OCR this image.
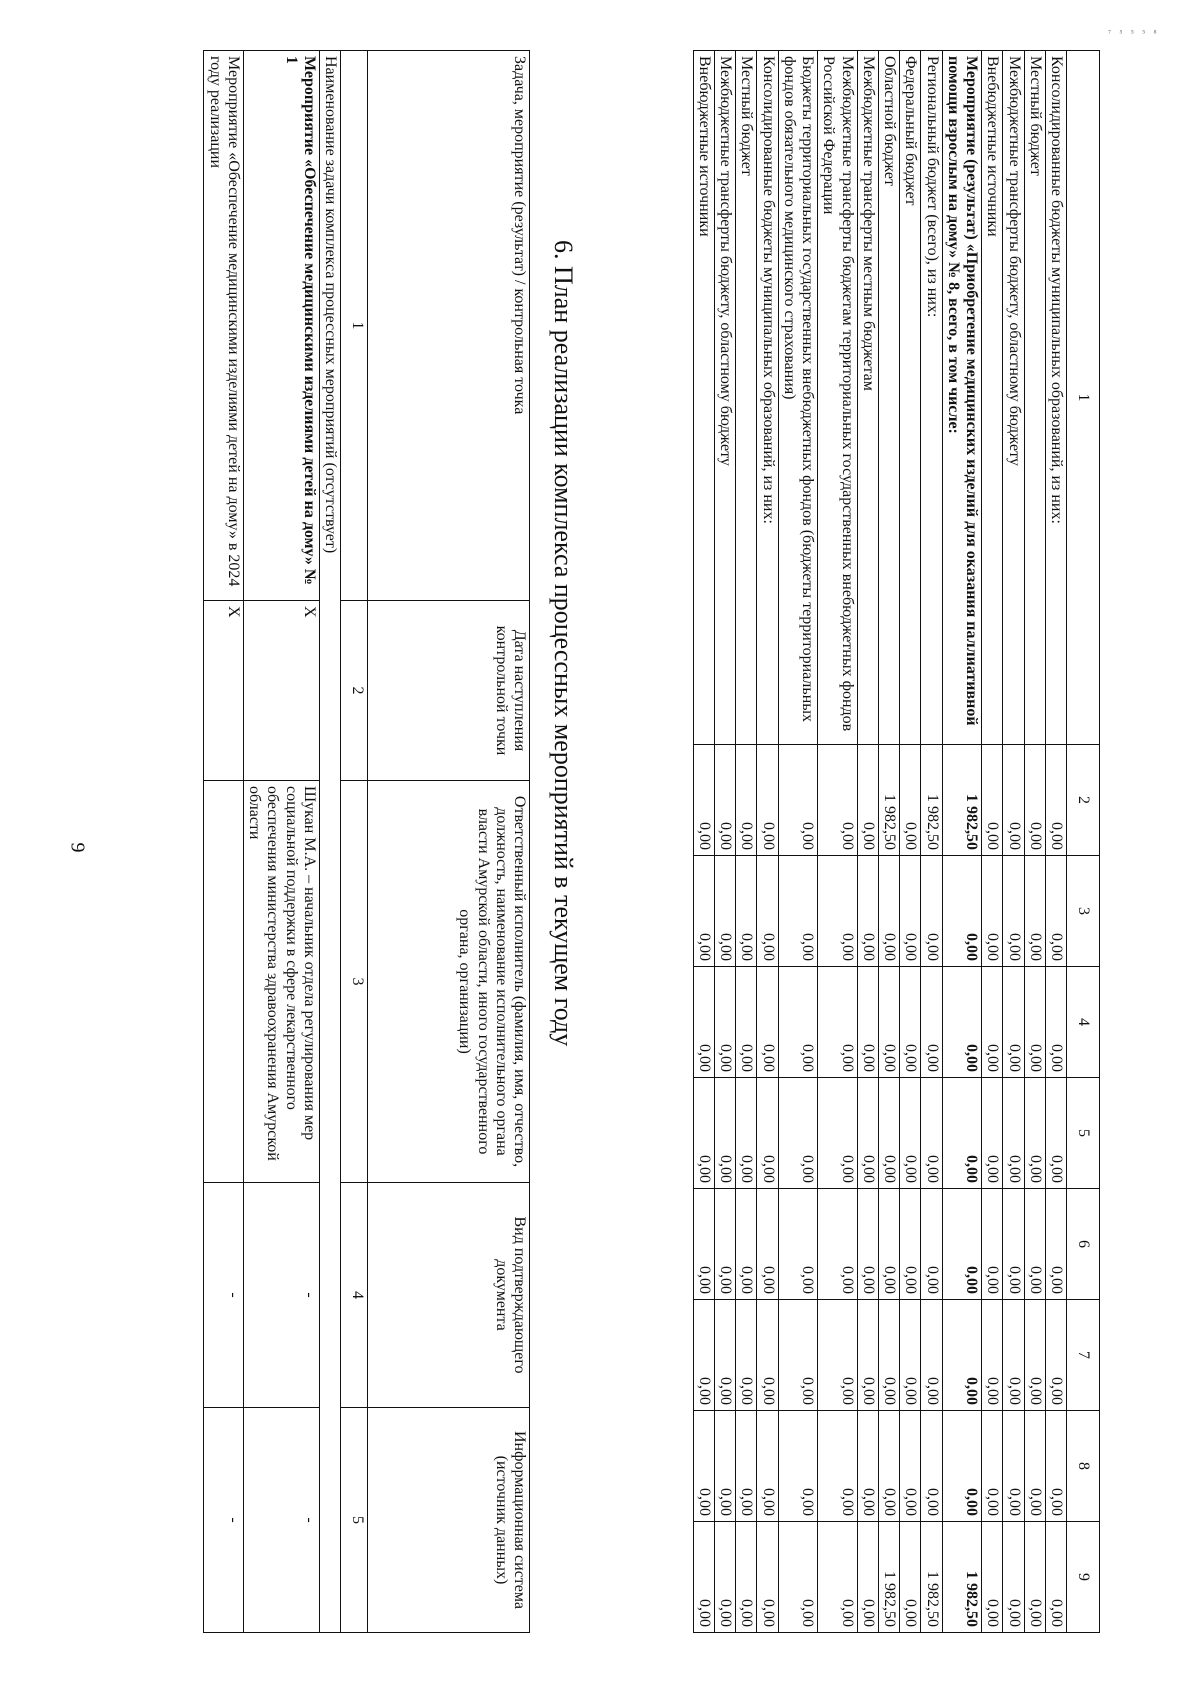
9
⁷ ⁵ ⁵ ⁵ ⁸
1	2	3	4	5	6	7	8	9
Консолидированные бюджеты муниципальных образований, из них:	0,00	0,00	0,00	0,00	0,00	0,00	0,00	0,00
Местный бюджет	0,00	0,00	0,00	0,00	0,00	0,00	0,00	0,00
Межбюджетные трансферты бюджету, областному бюджету	0,00	0,00	0,00	0,00	0,00	0,00	0,00	0,00
Внебюджетные источники	0,00	0,00	0,00	0,00	0,00	0,00	0,00	0,00
Мероприятие (результат) «Приобретение медицинских изделий для оказания паллиативной помощи взрослым на дому» № 8, всего, в том числе:	1 982,50	0,00	0,00	0,00	0,00	0,00	0,00	1 982,50
Региональный бюджет (всего), из них:	1 982,50	0,00	0,00	0,00	0,00	0,00	0,00	1 982,50
Федеральный бюджет	0,00	0,00	0,00	0,00	0,00	0,00	0,00	0,00
Областной бюджет	1 982,50	0,00	0,00	0,00	0,00	0,00	0,00	1 982,50
Межбюджетные трансферты местным бюджетам	0,00	0,00	0,00	0,00	0,00	0,00	0,00	0,00
Межбюджетные трансферты бюджетам территориальных государственных внебюджетных фондов Российской Федерации	0,00	0,00	0,00	0,00	0,00	0,00	0,00	0,00
Бюджеты территориальных государственных внебюджетных фондов (бюджеты территориальных фондов обязательного медицинского страхования)	0,00	0,00	0,00	0,00	0,00	0,00	0,00	0,00
Консолидированные бюджеты муниципальных образований, из них:	0,00	0,00	0,00	0,00	0,00	0,00	0,00	0,00
Местный бюджет	0,00	0,00	0,00	0,00	0,00	0,00	0,00	0,00
Межбюджетные трансферты бюджету, областному бюджету	0,00	0,00	0,00	0,00	0,00	0,00	0,00	0,00
Внебюджетные источники	0,00	0,00	0,00	0,00	0,00	0,00	0,00	0,00
6. План реализации комплекса процессных мероприятий в текущем году
Задача, мероприятие (результат) / контрольная точка	Дата наступления контрольной точки	Ответственный исполнитель (фамилия, имя, отчество, должность, наименование исполнительного органа власти Амурской области, иного государственного органа, организации)	Вид подтверждающего документа	Информационная система (источник данных)
1	2	3	4	5
Наименование задачи комплекса процессных мероприятий (отсутствует)				
Мероприятие «Обеспечение медицинскими изделиями детей на дому» № 1	X	Шукан М.А. – начальник отдела регулирования мер социальной поддержки в сфере лекарственного обеспечения министерства здравоохранения Амурской области	-	-
Мероприятие «Обеспечение медицинскими изделиями детей на дому» в 2024 году реализации	X		-	-
